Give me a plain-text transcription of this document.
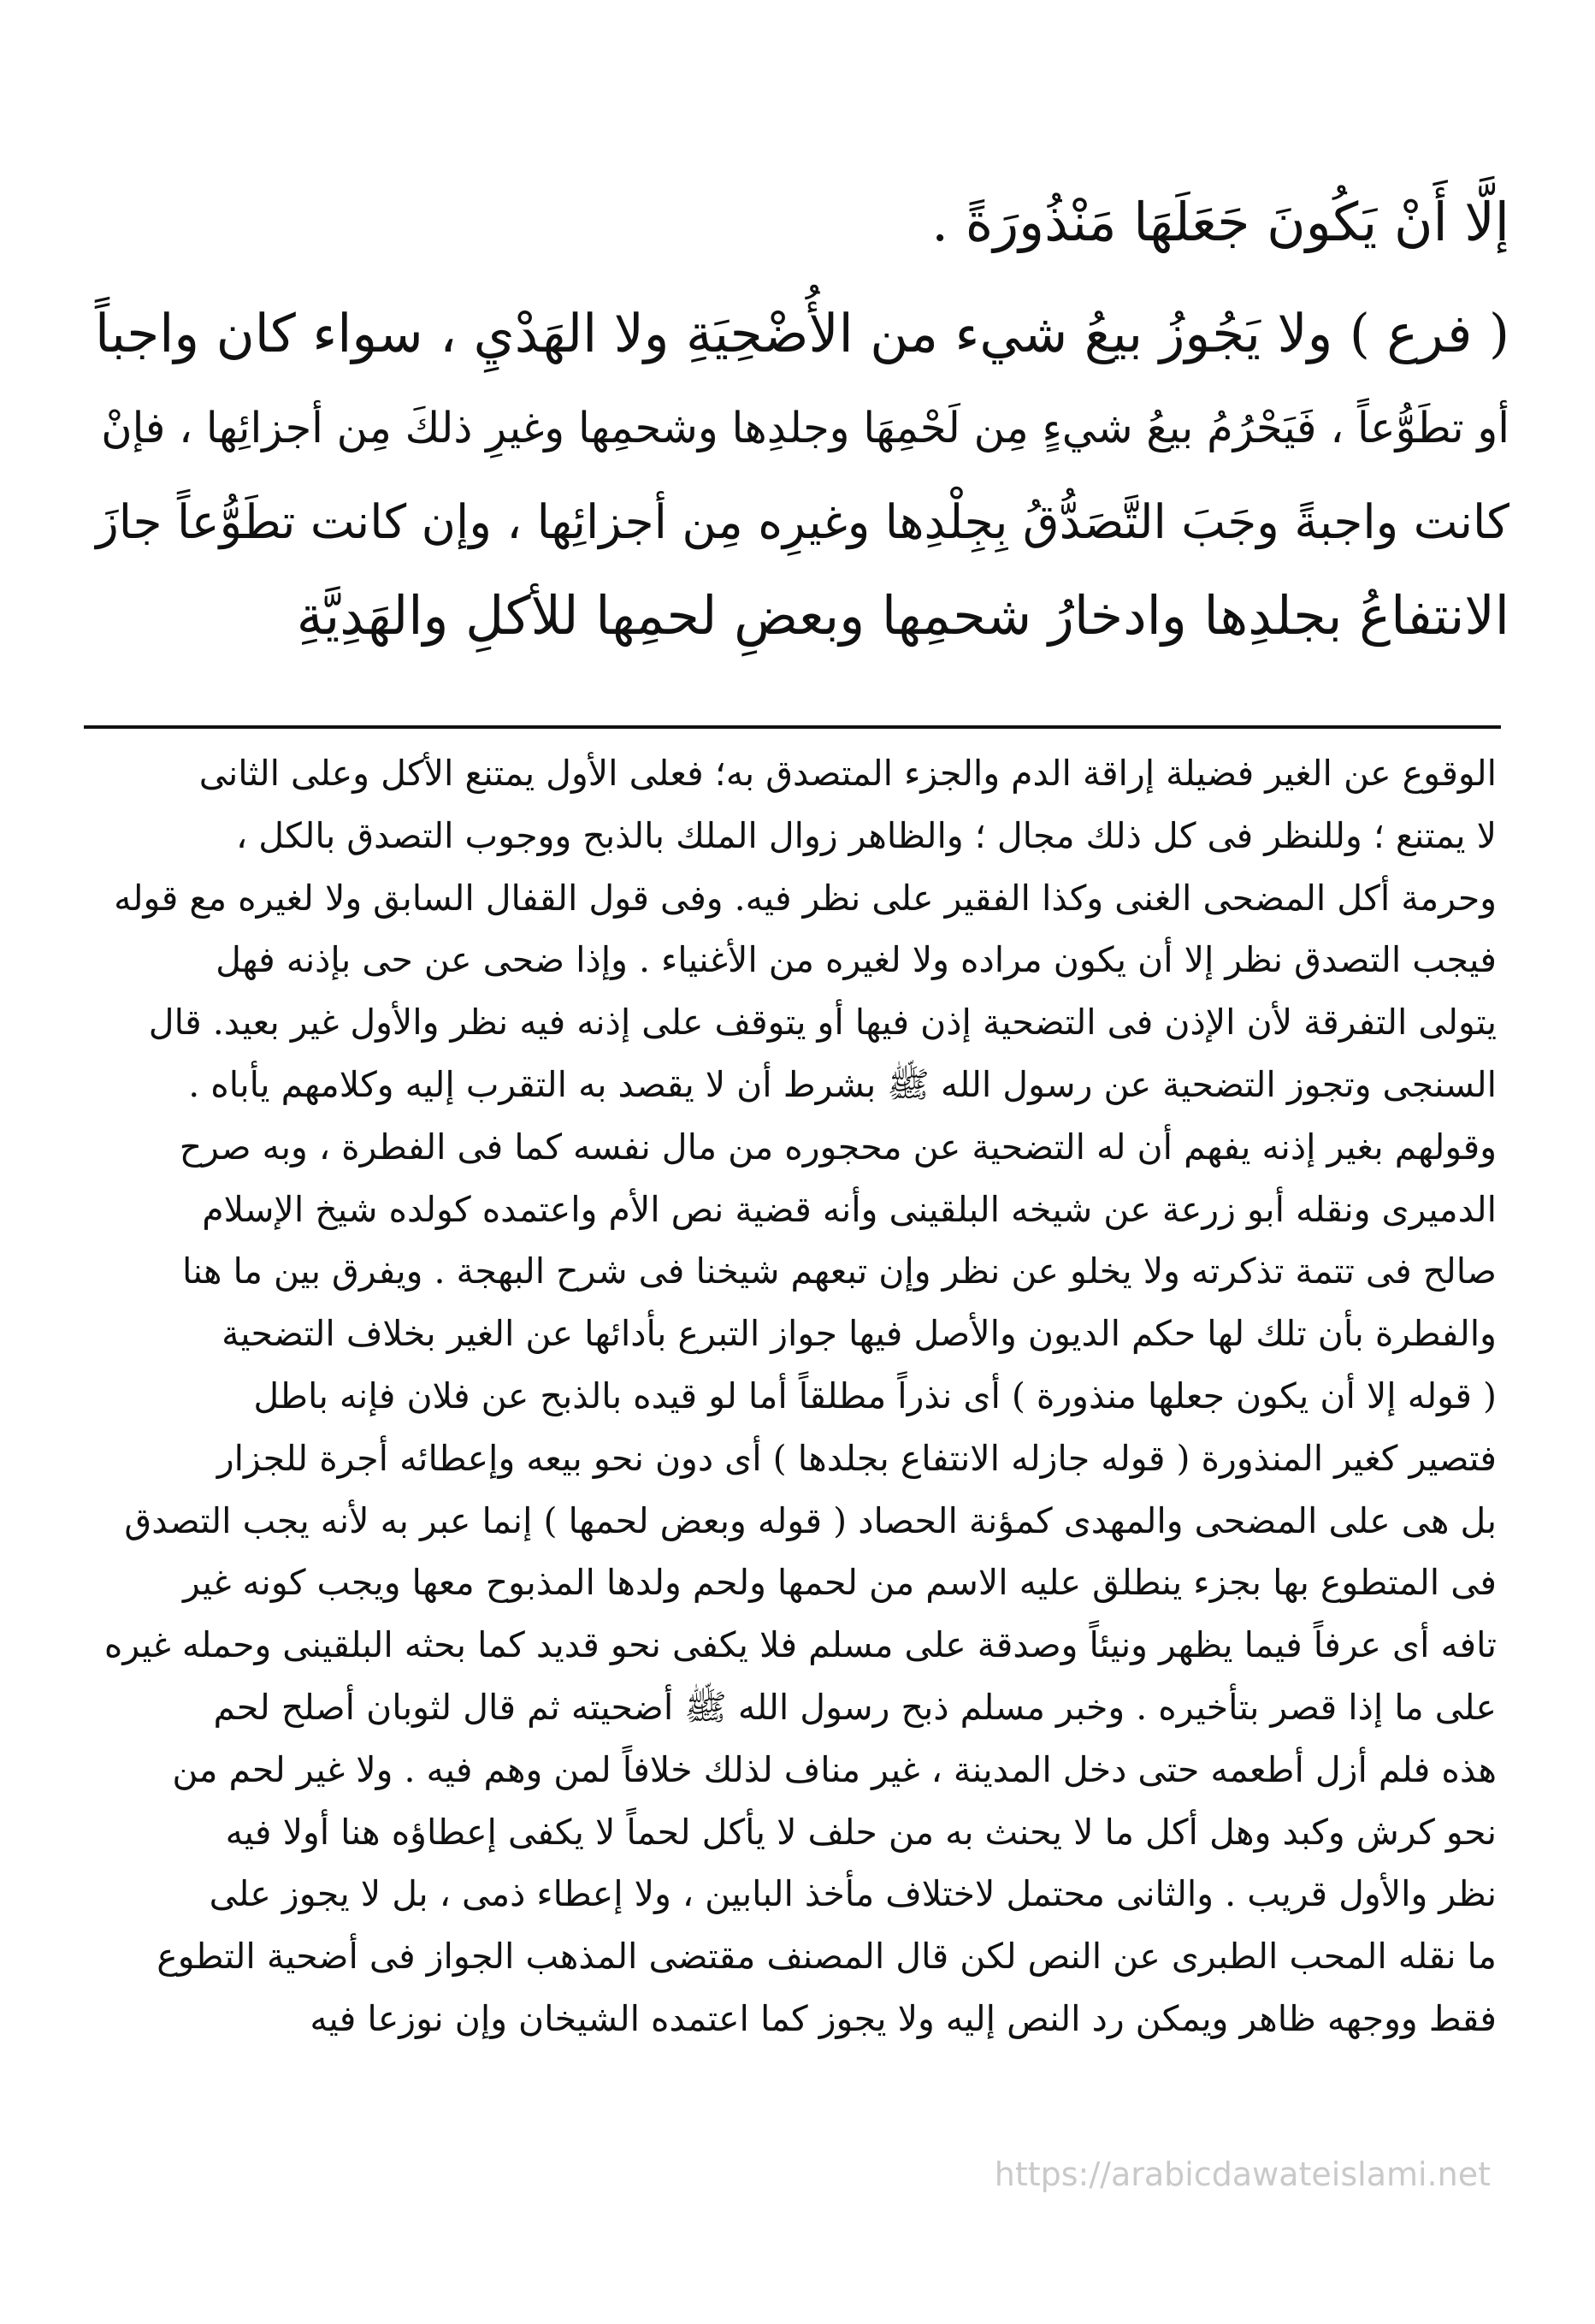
إلَّا أَنْ يَكُونَ جَعَلَهَا مَنْذُورَةً .

( فرع ) ولا يَجُوزُ بيعُ شيء من الأُضْحِيَةِ ولا الهَدْيِ ، سواء كان واجباً

أو تطَوُّعاً ، فَيَحْرُمُ بيعُ شيءٍ مِن لَحْمِهَا وجلدِها وشحمِها وغيرِ ذلكَ مِن أجزائِها ، فإنْ

كانت واجبةً وجَبَ التَّصَدُّقُ بِجِلْدِها وغيرِه مِن أجزائِها ، وإن كانت تطَوُّعاً جازَ

الانتفاعُ بجلدِها وادخارُ شحمِها وبعضِ لحمِها للأكلِ والهَدِيَّةِ

الوقوع عن الغير فضيلة إراقة الدم والجزء المتصدق به؛ فعلى الأول يمتنع الأكل وعلى الثانى

لا يمتنع ؛ وللنظر فى كل ذلك مجال ؛ والظاهر زوال الملك بالذبح ووجوب التصدق بالكل ،

وحرمة أكل المضحى الغنى وكذا الفقير على نظر فيه. وفى قول القفال السابق ولا لغيره مع قوله

فيجب التصدق نظر إلا أن يكون مراده ولا لغيره من الأغنياء . وإذا ضحى عن حى بإذنه فهل

يتولى التفرقة لأن الإذن فى التضحية إذن فيها أو يتوقف على إذنه فيه نظر والأول غير بعيد. قال

السنجى وتجوز التضحية عن رسول الله ﷺ بشرط أن لا يقصد به التقرب إليه وكلامهم يأباه .

وقولهم بغير إذنه يفهم أن له التضحية عن محجوره من مال نفسه كما فى الفطرة ، وبه صرح

الدميرى ونقله أبو زرعة عن شيخه البلقينى وأنه قضية نص الأم واعتمده كولده شيخ الإسلام

صالح فى تتمة تذكرته ولا يخلو عن نظر وإن تبعهم شيخنا فى شرح البهجة . ويفرق بين ما هنا

والفطرة بأن تلك لها حكم الديون والأصل فيها جواز التبرع بأدائها عن الغير بخلاف التضحية

( قوله إلا أن يكون جعلها منذورة ) أى نذراً مطلقاً أما لو قيده بالذبح عن فلان فإنه باطل

فتصير كغير المنذورة ( قوله جازله الانتفاع بجلدها ) أى دون نحو بيعه وإعطائه أجرة للجزار

بل هى على المضحى والمهدى كمؤنة الحصاد ( قوله وبعض لحمها ) إنما عبر به لأنه يجب التصدق

فى المتطوع بها بجزء ينطلق عليه الاسم من لحمها ولحم ولدها المذبوح معها ويجب كونه غير

تافه أى عرفاً فيما يظهر ونيئاً وصدقة على مسلم فلا يكفى نحو قديد كما بحثه البلقينى وحمله غيره

على ما إذا قصر بتأخيره . وخبر مسلم ذبح رسول الله ﷺ أضحيته ثم قال لثوبان أصلح لحم

هذه فلم أزل أطعمه حتى دخل المدينة ، غير مناف لذلك خلافاً لمن وهم فيه . ولا غير لحم من

نحو كرش وكبد وهل أكل ما لا يحنث به من حلف لا يأكل لحماً لا يكفى إعطاؤه هنا أولا فيه

نظر والأول قريب . والثانى محتمل لاختلاف مأخذ البابين ، ولا إعطاء ذمى ، بل لا يجوز على

ما نقله المحب الطبرى عن النص لكن قال المصنف مقتضى المذهب الجواز فى أضحية التطوع

فقط ووجهه ظاهر ويمكن رد النص إليه ولا يجوز كما اعتمده الشيخان وإن نوزعا فيه

https://arabicdawateislami.net
